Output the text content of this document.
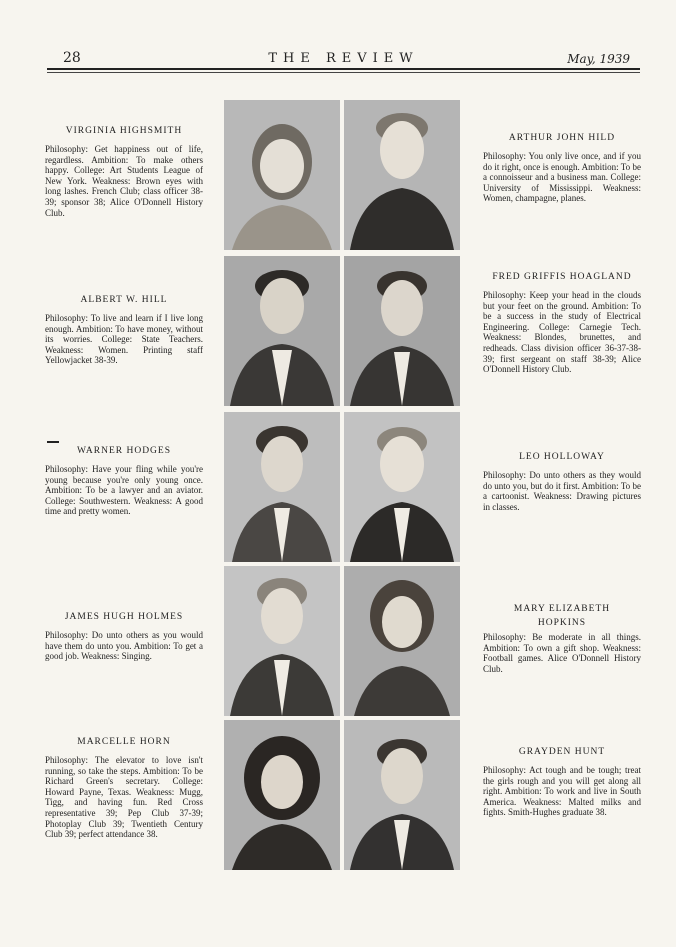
28	THE REVIEW	May, 1939
VIRGINIA HIGHSMITH
Philosophy: Get happiness out of life, regardless. Ambition: To make others happy. College: Art Students League of New York. Weakness: Brown eyes with long lashes. French Club; class officer 38-39; sponsor 38; Alice O'Donnell History Club.
ALBERT W. HILL
Philosophy: To live and learn if I live long enough. Ambition: To have money, without its worries. College: State Teachers. Weakness: Women. Printing staff Yellowjacket 38-39.
WARNER HODGES
Philosophy: Have your fling while you're young because you're only young once. Ambition: To be a lawyer and an aviator. College: Southwestern. Weakness: A good time and pretty women.
JAMES HUGH HOLMES
Philosophy: Do unto others as you would have them do unto you. Ambition: To get a good job. Weakness: Singing.
MARCELLE HORN
Philosophy: The elevator to love isn't running, so take the steps. Ambition: To be Richard Green's secretary. College: Howard Payne, Texas. Weakness: Mugg, Tigg, and having fun. Red Cross representative 39; Pep Club 37-39; Photoplay Club 39; Twentieth Century Club 39; perfect attendance 38.
ARTHUR JOHN HILD
Philosophy: You only live once, and if you do it right, once is enough. Ambition: To be a connoisseur and a business man. College: University of Mississippi. Weakness: Women, champagne, planes.
FRED GRIFFIS HOAGLAND
Philosophy: Keep your head in the clouds but your feet on the ground. Ambition: To be a success in the study of Electrical Engineering. College: Carnegie Tech. Weakness: Blondes, brunettes, and redheads. Class division officer 36-37-38-39; first sergeant on staff 38-39; Alice O'Donnell History Club.
LEO HOLLOWAY
Philosophy: Do unto others as they would do unto you, but do it first. Ambition: To be a cartoonist. Weakness: Drawing pictures in classes.
MARY ELIZABETH
HOPKINS
Philosophy: Be moderate in all things. Ambition: To own a gift shop. Weakness: Football games. Alice O'Donnell History Club.
GRAYDEN HUNT
Philosophy: Act tough and be tough; treat the girls rough and you will get along all right. Ambition: To work and live in South America. Weakness: Malted milks and fights. Smith-Hughes graduate 38.
